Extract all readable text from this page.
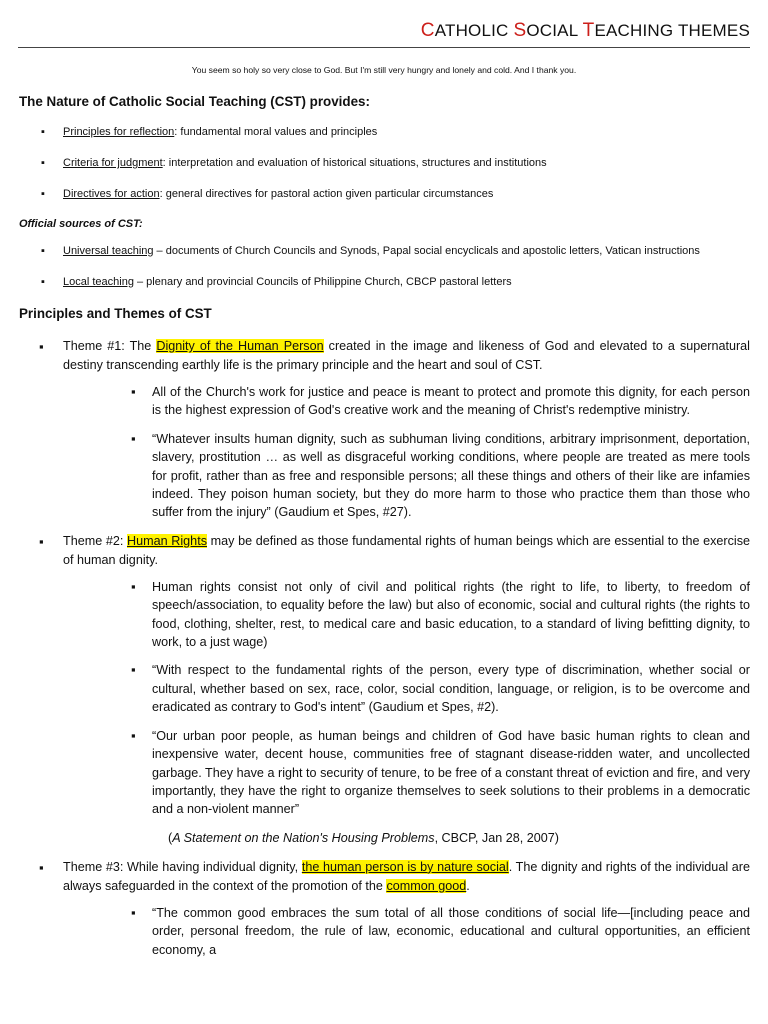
CATHOLIC SOCIAL TEACHING THEMES
You seem so holy so very close to God. But I'm still very hungry and lonely and cold. And I thank you.
The Nature of Catholic Social Teaching (CST) provides:
▪ Principles for reflection: fundamental moral values and principles
▪ Criteria for judgment: interpretation and evaluation of historical situations, structures and institutions
▪ Directives for action: general directives for pastoral action given particular circumstances
Official sources of CST:
▪ Universal teaching – documents of Church Councils and Synods, Papal social encyclicals and apostolic letters, Vatican instructions
▪ Local teaching – plenary and provincial Councils of Philippine Church, CBCP pastoral letters
Principles and Themes of CST
▪ Theme #1: The Dignity of the Human Person created in the image and likeness of God and elevated to a supernatural destiny transcending earthly life is the primary principle and the heart and soul of CST.
▪ All of the Church's work for justice and peace is meant to protect and promote this dignity, for each person is the highest expression of God's creative work and the meaning of Christ's redemptive ministry.
▪ “Whatever insults human dignity, such as subhuman living conditions, arbitrary imprisonment, deportation, slavery, prostitution … as well as disgraceful working conditions, where people are treated as mere tools for profit, rather than as free and responsible persons; all these things and others of their like are infamies indeed. They poison human society, but they do more harm to those who practice them than those who suffer from the injury” (Gaudium et Spes, #27).
▪ Theme #2: Human Rights may be defined as those fundamental rights of human beings which are essential to the exercise of human dignity.
▪ Human rights consist not only of civil and political rights (the right to life, to liberty, to freedom of speech/association, to equality before the law) but also of economic, social and cultural rights (the rights to food, clothing, shelter, rest, to medical care and basic education, to a standard of living befitting dignity, to work, to a just wage)
▪ “With respect to the fundamental rights of the person, every type of discrimination, whether social or cultural, whether based on sex, race, color, social condition, language, or religion, is to be overcome and eradicated as contrary to God's intent” (Gaudium et Spes, #2).
▪ “Our urban poor people, as human beings and children of God have basic human rights to clean and inexpensive water, decent house, communities free of stagnant disease-ridden water, and uncollected garbage. They have a right to security of tenure, to be free of a constant threat of eviction and fire, and very importantly, they have the right to organize themselves to seek solutions to their problems in a democratic and a non-violent manner”
(A Statement on the Nation's Housing Problems, CBCP, Jan 28, 2007)
▪ Theme #3: While having individual dignity, the human person is by nature social. The dignity and rights of the individual are always safeguarded in the context of the promotion of the common good.
▪ “The common good embraces the sum total of all those conditions of social life—[including peace and order, personal freedom, the rule of law, economic, educational and cultural opportunities, an efficient economy, a
